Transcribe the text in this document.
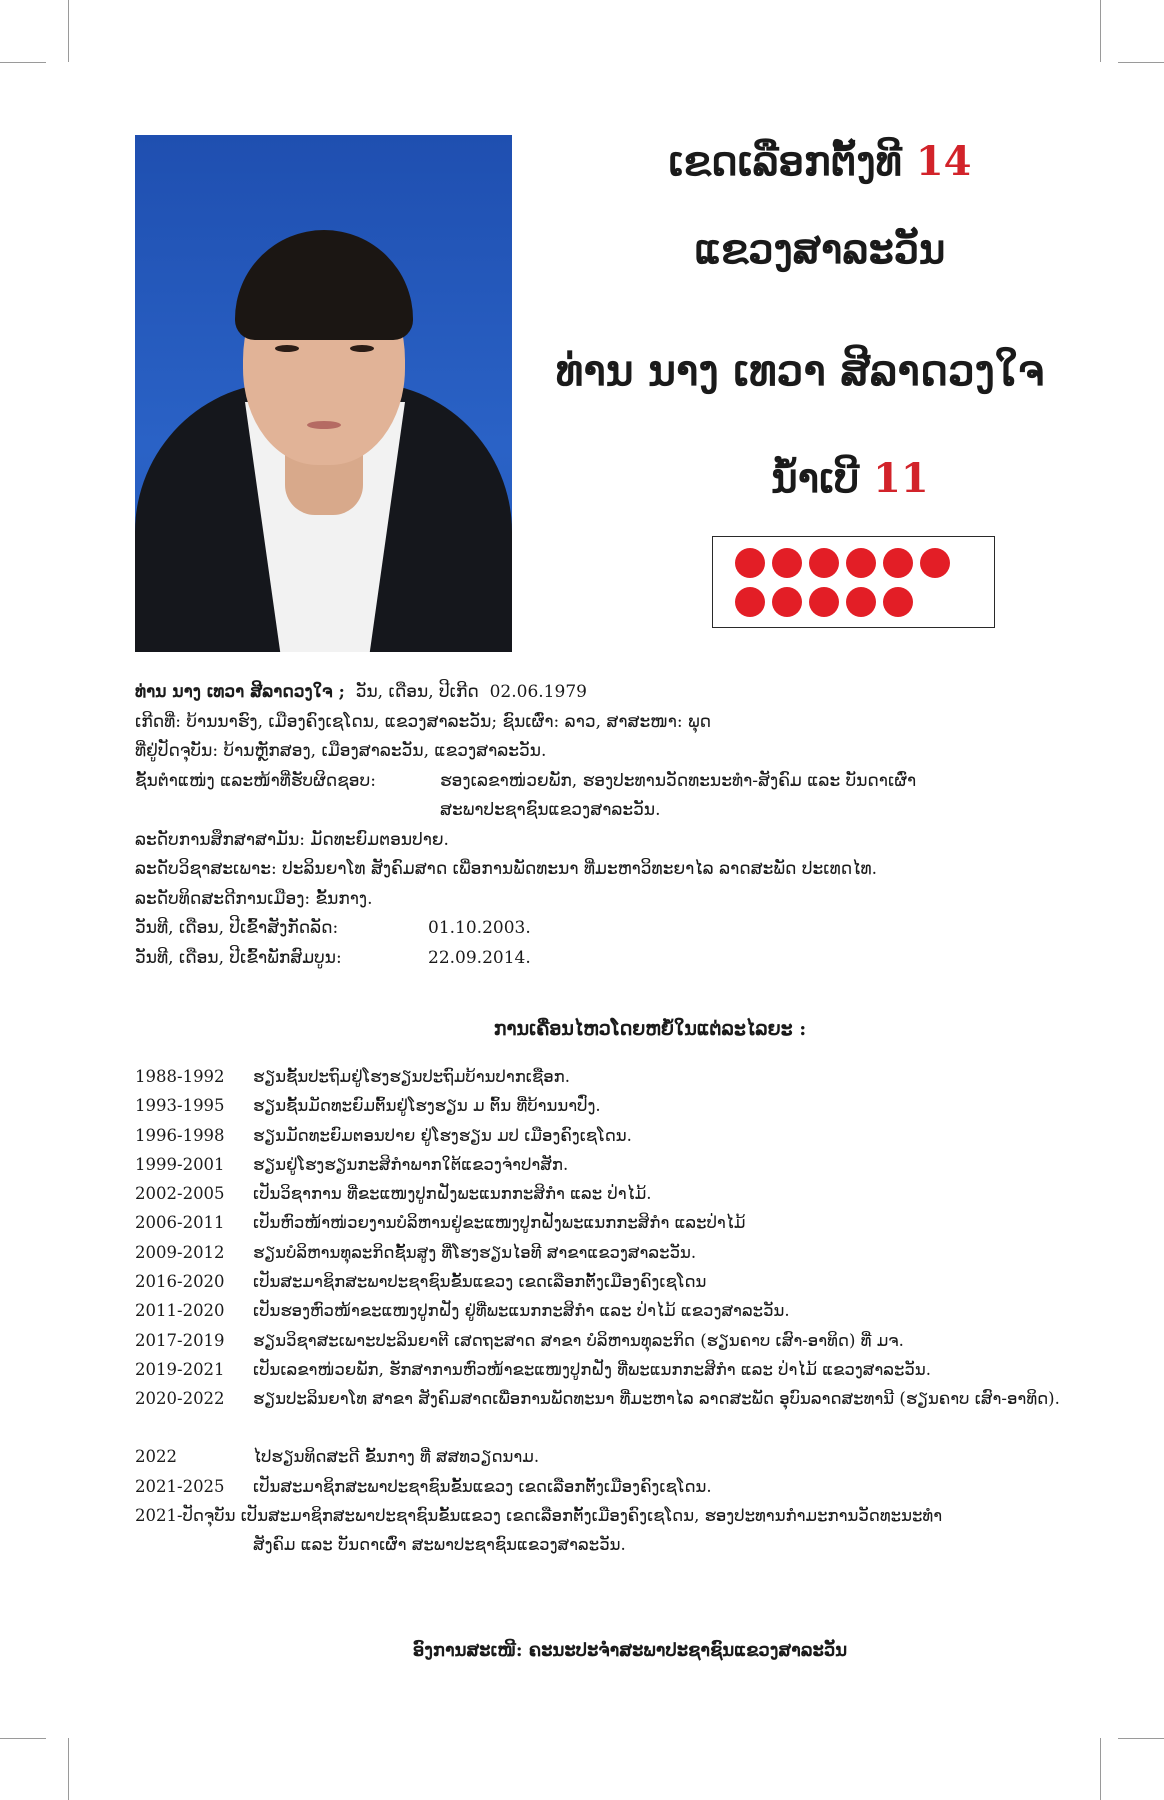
ເຂດເລືອກຕັ້ງທີ 14
ແຂວງສາລະວັນ
ທ່ານ ນາງ ເທວາ ສີລາດວງໃຈ
ນໍ້າເບີ 11
ທ່ານ ນາງ ເທວາ ສີລາດວງໃຈ ; ວັນ, ເດືອນ, ປີເກີດ 02.06.1979
ເກີດທີ່: ບ້ານນາຮົງ, ເມືອງຄົງເຊໂດນ, ແຂວງສາລະວັນ; ຊົນເຜົ່າ: ລາວ, ສາສະໜາ: ພຸດ
ທີ່ຢູ່ປັດຈຸບັນ: ບ້ານຫຼັກສອງ, ເມືອງສາລະວັນ, ແຂວງສາລະວັນ.
ຊັ້ນຕໍາແໜ່ງ ແລະໜ້າທີ່ຮັບຜິດຊອບ:	ຮອງເລຂາໜ່ວຍພັກ, ຮອງປະທານວັດທະນະທໍາ-ສັງຄົມ ແລະ ບັນດາເຜົ່າ
ສະພາປະຊາຊົນແຂວງສາລະວັນ.
ລະດັບການສຶກສາສາມັນ: ມັດທະຍົມຕອນປາຍ.
ລະດັບວິຊາສະເພາະ: ປະລິນຍາໂທ ສັງຄົມສາດ ເພື່ອການພັດທະນາ ທີ່ມະຫາວິທະຍາໄລ ລາດສະພັດ ປະເທດໄທ.
ລະດັບທິດສະດີການເມືອງ: ຂັ້ນກາງ.
ວັນທີ, ເດືອນ, ປີເຂົ້າສັງກັດລັດ:	01.10.2003.
ວັນທີ, ເດືອນ, ປີເຂົ້າພັກສົມບູນ:	22.09.2014.
ການເຄື່ອນໄຫວໂດຍຫຍໍ້ໃນແຕ່ລະໄລຍະ :
1988-1992	ຮຽນຊັ້ນປະຖົມຢູ່ໂຮງຮຽນປະຖົມບ້ານປາກເຊືອກ.
1993-1995	ຮຽນຊັ້ນມັດທະຍົມຕົ້ນຢູ່ໂຮງຮຽນ ມ ຕົ້ນ ທີ່ບ້ານນາປົ່ງ.
1996-1998	ຮຽນມັດທະຍົມຕອນປາຍ ຢູ່ໂຮງຮຽນ ມປ ເມືອງຄົງເຊໂດນ.
1999-2001	ຮຽນຢູ່ໂຮງຮຽນກະສິກໍາພາກໃຕ້ແຂວງຈໍາປາສັກ.
2002-2005	ເປັນວິຊາການ ທີ່ຂະແໜງປູກຝັງພະແນກກະສິກໍາ ແລະ ປ່າໄມ້.
2006-2011	ເປັນຫົວໜ້າໜ່ວຍງານບໍລິຫານຢູ່ຂະແໜງປູກຝັງພະແນກກະສິກໍາ ແລະປ່າໄມ້
2009-2012	ຮຽນບໍລິຫານທຸລະກິດຊັ້ນສູງ ທີ່ໂຮງຮຽນໄອທີ ສາຂາແຂວງສາລະວັນ.
2016-2020	ເປັນສະມາຊິກສະພາປະຊາຊົນຂັ້ນແຂວງ ເຂດເລືອກຕັ້ງເມືອງຄົງເຊໂດນ
2011-2020	ເປັນຮອງຫົວໜ້າຂະແໜງປູກຝັງ ຢູ່ທີ່ພະແນກກະສິກໍາ ແລະ ປ່າໄມ້ ແຂວງສາລະວັນ.
2017-2019	ຮຽນວິຊາສະເພາະປະລິນຍາຕີ ເສດຖະສາດ ສາຂາ ບໍລິຫານທຸລະກິດ (ຮຽນຄາບ ເສົາ-ອາທິດ) ທີ່ ມຈ.
2019-2021	ເປັນເລຂາໜ່ວຍພັກ, ຮັກສາການຫົວໜ້າຂະແໜງປູກຝັງ ທີ່ພະແນກກະສິກໍາ ແລະ ປ່າໄມ້ ແຂວງສາລະວັນ.
2020-2022	ຮຽນປະລິນຍາໂທ ສາຂາ ສັງຄົມສາດເພື່ອການພັດທະນາ ທີ່ມະຫາໄລ ລາດສະພັດ ອຸບົນລາດສະທານີ (ຮຽນຄາບ ເສົາ-ອາທິດ).
2022	ໄປຮຽນທິດສະດີ ຂັ້ນກາງ ທີ່ ສສທວຽດນາມ.
2021-2025	ເປັນສະມາຊິກສະພາປະຊາຊົນຂັ້ນແຂວງ ເຂດເລືອກຕັ້ງເມືອງຄົງເຊໂດນ.
2021-ປັດຈຸບັນ ເປັນສະມາຊິກສະພາປະຊາຊົນຂັ້ນແຂວງ ເຂດເລືອກຕັ້ງເມືອງຄົງເຊໂດນ, ຮອງປະທານກໍາມະການວັດທະນະທໍາ
ສັງຄົມ ແລະ ບັນດາເຜົ່າ ສະພາປະຊາຊົນແຂວງສາລະວັນ.
ອົງການສະເໜີ: ຄະນະປະຈໍາສະພາປະຊາຊົນແຂວງສາລະວັນ
